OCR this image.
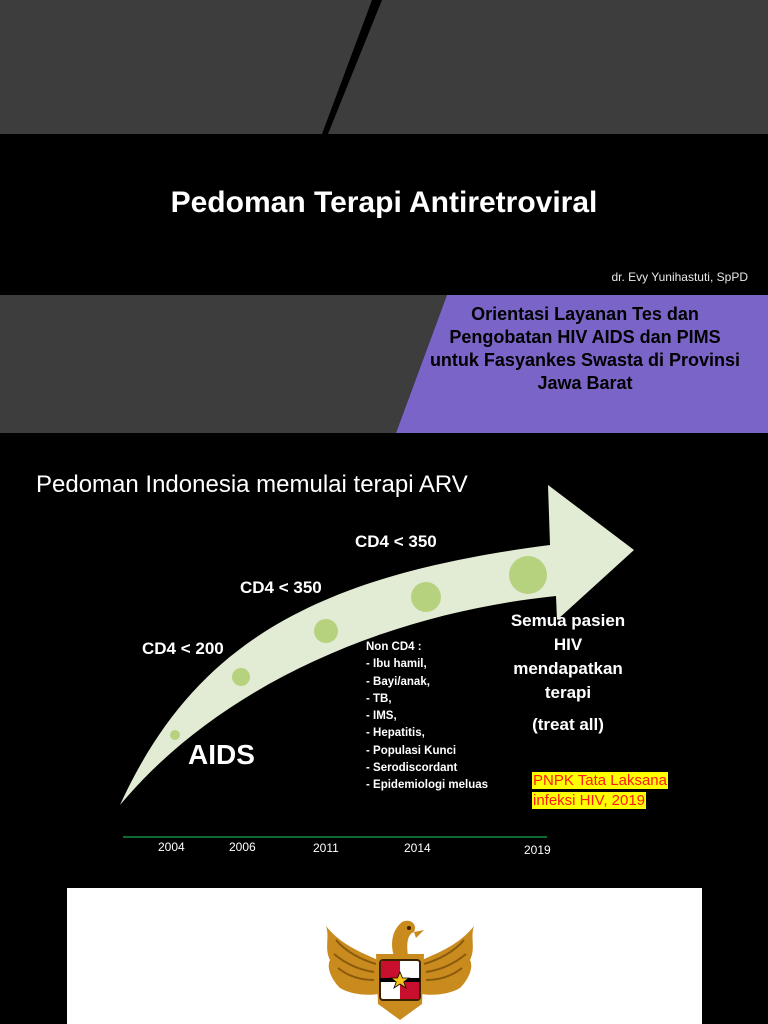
Pedoman Terapi Antiretroviral
dr. Evy Yunihastuti, SpPD
Orientasi Layanan Tes dan
Pengobatan HIV AIDS dan PIMS
untuk Fasyankes Swasta di Provinsi
Jawa Barat
Pedoman Indonesia memulai terapi ARV
CD4 < 200
CD4 < 350
CD4 < 350
AIDS
Non CD4 :
- Ibu hamil,
- Bayi/anak,
- TB,
- IMS,
- Hepatitis,
- Populasi Kunci
- Serodiscordant
- Epidemiologi meluas
Semua pasien
HIV
mendapatkan
terapi
(treat all)
PNPK Tata Laksana
infeksi HIV, 2019
2004	2006	2011	2014	2019
